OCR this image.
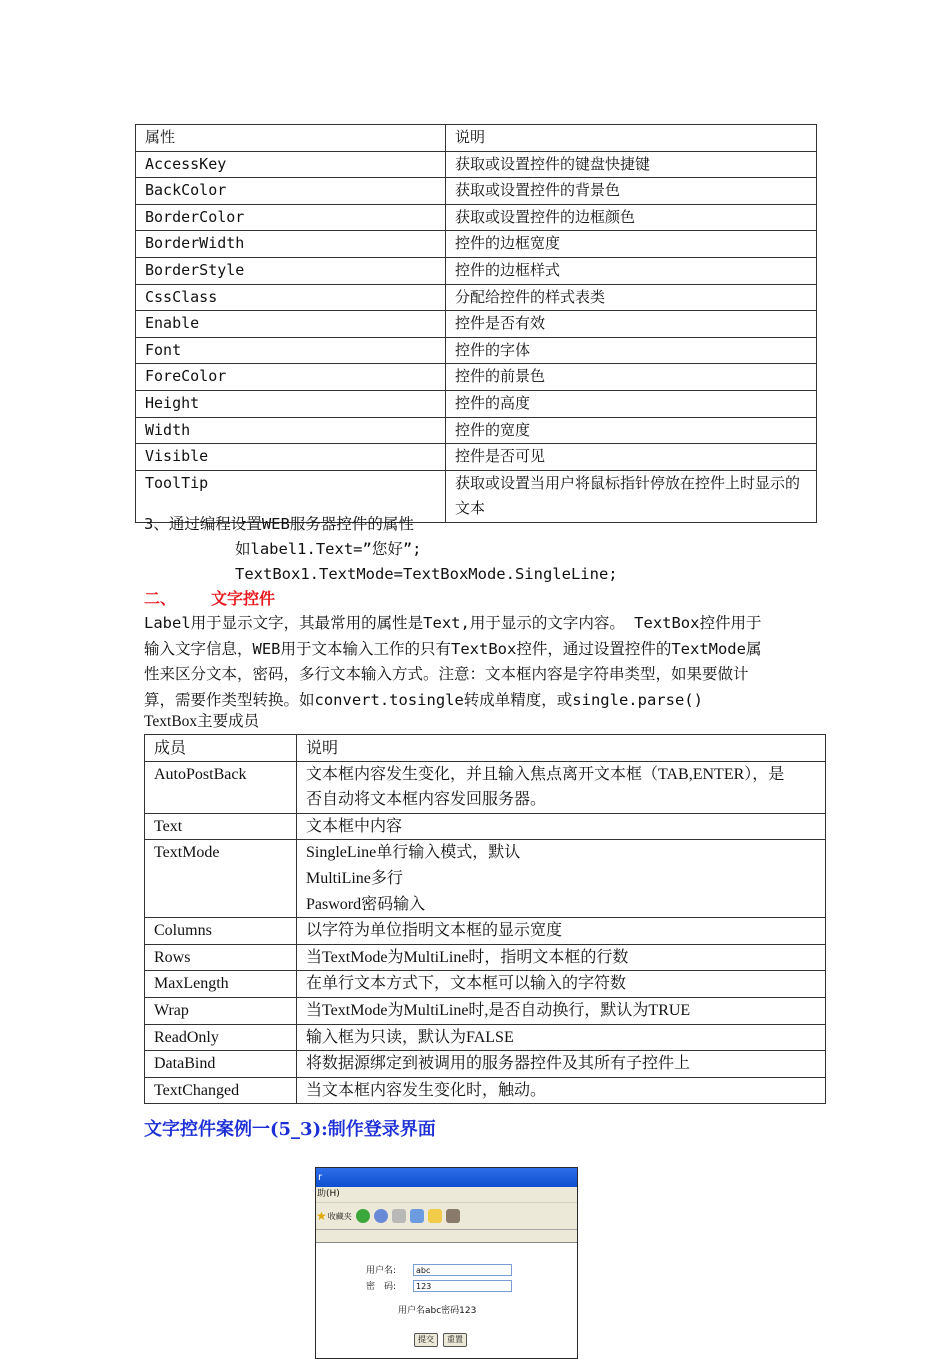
属性	说明
AccessKey	获取或设置控件的键盘快捷键
BackColor	获取或设置控件的背景色
BorderColor	获取或设置控件的边框颜色
BorderWidth	控件的边框宽度
BorderStyle	控件的边框样式
CssClass	分配给控件的样式表类
Enable	控件是否有效
Font	控件的字体
ForeColor	控件的前景色
Height	控件的高度
Width	控件的宽度
Visible	控件是否可见
ToolTip	获取或设置当用户将鼠标指针停放在控件上时显示的文本
3、通过编程设置WEB服务器控件的属性
如label1.Text=”您好”;
TextBox1.TextMode=TextBoxMode.SingleLine;
二、 文字控件
Label用于显示文字，其最常用的属性是Text,用于显示的文字内容。 TextBox控件用于
输入文字信息，WEB用于文本输入工作的只有TextBox控件，通过设置控件的TextMode属
性来区分文本，密码，多行文本输入方式。注意：文本框内容是字符串类型，如果要做计
算，需要作类型转换。如convert.tosingle转成单精度，或single.parse()
TextBox主要成员
成员	说明
AutoPostBack	文本框内容发生变化，并且输入焦点离开文本框（TAB,ENTER），是
否自动将文本框内容发回服务器。

Text	文本框中内容

TextMode	SingleLine单行输入模式，默认
MultiLine多行
Pasword密码输入

Columns	以字符为单位指明文本框的显示宽度

Rows	当TextMode为MultiLine时，指明文本框的行数

MaxLength	在单行文本方式下，文本框可以输入的字符数

Wrap	当TextMode为MultiLine时,是否自动换行，默认为TRUE

ReadOnly	输入框为只读，默认为FALSE

DataBind	将数据源绑定到被调用的服务器控件及其所有子控件上

TextChanged	当文本框内容发生变化时，触动。
文字控件案例一(5_3):制作登录界面
r
助(H)
★ 收藏夹
用户名:	abc
密　码:	123
用户名abc密码123
提交	重置
